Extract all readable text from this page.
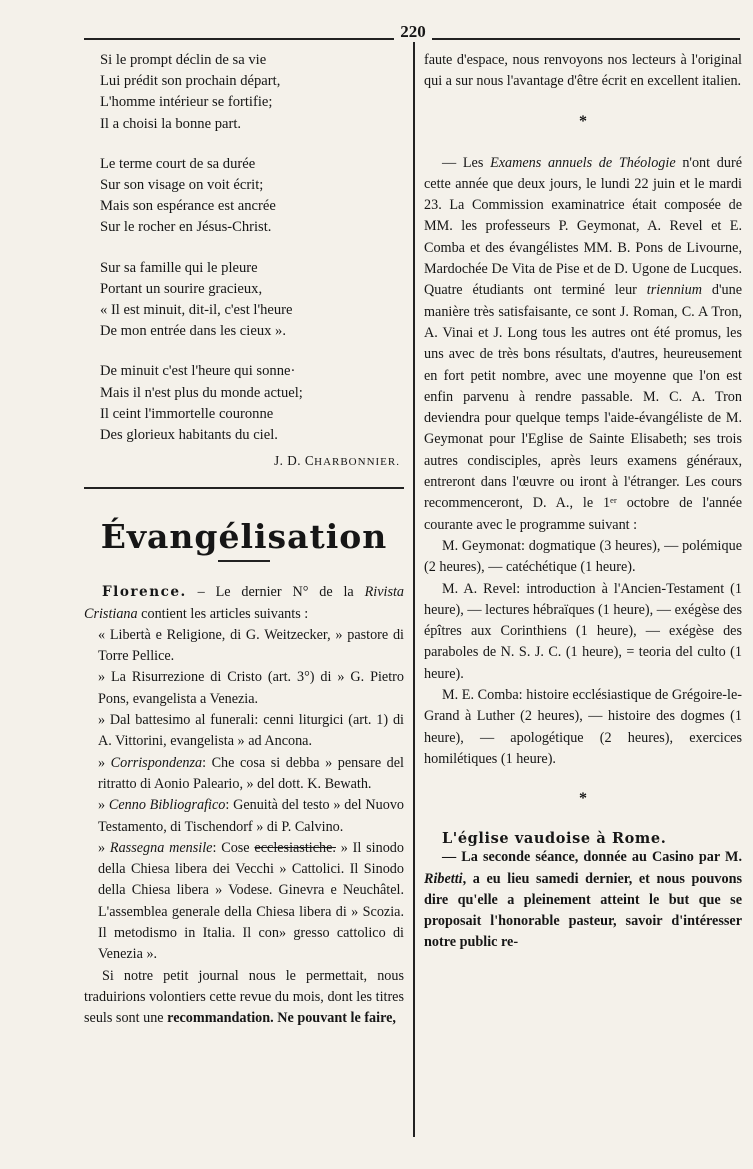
220
Si le prompt déclin de sa vie
Lui prédit son prochain départ,
L'homme intérieur se fortifie;
Il a choisi la bonne part.
Le terme court de sa durée
Sur son visage on voit écrit;
Mais son espérance est ancrée
Sur le rocher en Jésus-Christ.
Sur sa famille qui le pleure
Portant un sourire gracieux,
« Il est minuit, dit-il, c'est l'heure
De mon entrée dans les cieux ».
De minuit c'est l'heure qui sonne·
Mais il n'est plus du monde actuel;
Il ceint l'immortelle couronne
Des glorieux habitants du ciel.
J. D. CHARBONNIER.
Évangélisation

Florence. – Le dernier N° de la Rivista Cristiana contient les articles suivants :

« Libertà e Religione, di G. Weitzecker, » pastore di Torre Pellice.

» La Risurrezione di Cristo (art. 3°) di » G. Pietro Pons, evangelista a Venezia.

» Dal battesimo al funerali: cenni liturgici (art. 1) di A. Vittorini, evangelista » ad Ancona.

» Corrispondenza: Che cosa si debba » pensare del ritratto di Aonio Paleario, » del dott. K. Bewath.

» Cenno Bibliografico: Genuità del testo » del Nuovo Testamento, di Tischendorf » di P. Calvino.

» Rassegna mensile: Cose ecclesiastiche. » Il sinodo della Chiesa libera dei Vecchi » Cattolici. Il Sinodo della Chiesa libera » Vodese. Ginevra e Neuchâtel. L'assemblea generale della Chiesa libera di » Scozia. Il metodismo in Italia. Il con» gresso cattolico di Venezia ».

Si notre petit journal nous le permettait, nous traduirions volontiers cette revue du mois, dont les titres seuls sont une recommandation. Ne pouvant le faire,

faute d'espace, nous renvoyons nos lecteurs à l'original qui a sur nous l'avantage d'être écrit en excellent italien.

*

— Les Examens annuels de Théologie n'ont duré cette année que deux jours, le lundi 22 juin et le mardi 23. La Commission examinatrice était composée de MM. les professeurs P. Geymonat, A. Revel et E. Comba et des évangélistes MM. B. Pons de Livourne, Mardochée De Vita de Pise et de D. Ugone de Lucques. Quatre étudiants ont terminé leur triennium d'une manière très satisfaisante, ce sont J. Roman, C. A Tron, A. Vinai et J. Long tous les autres ont été promus, les uns avec de très bons résultats, d'autres, heureusement en fort petit nombre, avec une moyenne que l'on est enfin parvenu à rendre passable. M. C. A. Tron deviendra pour quelque temps l'aide-évangéliste de M. Geymonat pour l'Eglise de Sainte Elisabeth; ses trois autres condisciples, après leurs examens généraux, entreront dans l'œuvre ou iront à l'étranger. Les cours recommenceront, D. A., le 1ᵉʳ octobre de l'année courante avec le programme suivant :

M. Geymonat: dogmatique (3 heures), — polémique (2 heures), — catéchétique (1 heure).

M. A. Revel: introduction à l'Ancien-Testament (1 heure), — lectures hébraïques (1 heure), — exégèse des épîtres aux Corinthiens (1 heure), — exégèse des paraboles de N. S. J. C. (1 heure), = teoria del culto (1 heure).

M. E. Comba: histoire ecclésiastique de Grégoire-le-Grand à Luther (2 heures), — histoire des dogmes (1 heure), — apologétique (2 heures), exercices homilétiques (1 heure).

*
L'église vaudoise à Rome.

— La seconde séance, donnée au Casino par M. Ribetti, a eu lieu samedi dernier, et nous pouvons dire qu'elle a pleinement atteint le but que se proposait l'honorable pasteur, savoir d'intéresser notre public re-
